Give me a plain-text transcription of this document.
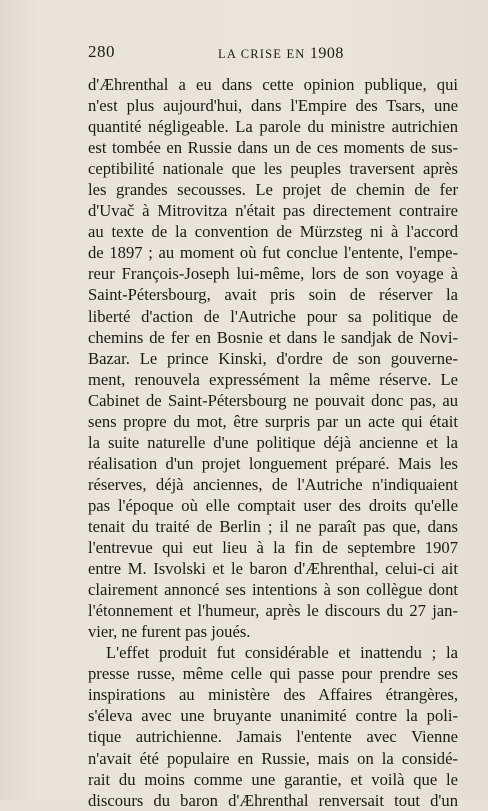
280	LA CRISE EN 1908
d'Æhrenthal a eu dans cette opinion publique, qui
n'est plus aujourd'hui, dans l'Empire des Tsars, une
quantité négligeable. La parole du ministre autrichien
est tombée en Russie dans un de ces moments de sus-
ceptibilité nationale que les peuples traversent après
les grandes secousses. Le projet de chemin de fer
d'Uvač à Mitrovitza n'était pas directement contraire
au texte de la convention de Mürzsteg ni à l'accord
de 1897 ; au moment où fut conclue l'entente, l'empe-
reur François-Joseph lui-même, lors de son voyage à
Saint-Pétersbourg, avait pris soin de réserver la
liberté d'action de l'Autriche pour sa politique de
chemins de fer en Bosnie et dans le sandjak de Novi-
Bazar. Le prince Kinski, d'ordre de son gouverne-
ment, renouvela expressément la même réserve. Le
Cabinet de Saint-Pétersbourg ne pouvait donc pas, au
sens propre du mot, être surpris par un acte qui était
la suite naturelle d'une politique déjà ancienne et la
réalisation d'un projet longuement préparé. Mais les
réserves, déjà anciennes, de l'Autriche n'indiquaient
pas l'époque où elle comptait user des droits qu'elle
tenait du traité de Berlin ; il ne paraît pas que, dans
l'entrevue qui eut lieu à la fin de septembre 1907
entre M. Isvolski et le baron d'Æhrenthal, celui-ci ait
clairement annoncé ses intentions à son collègue dont
l'étonnement et l'humeur, après le discours du 27 jan-
vier, ne furent pas joués.
L'effet produit fut considérable et inattendu ; la
presse russe, même celle qui passe pour prendre ses
inspirations au ministère des Affaires étrangères,
s'éleva avec une bruyante unanimité contre la poli-
tique autrichienne. Jamais l'entente avec Vienne
n'avait été populaire en Russie, mais on la considé-
rait du moins comme une garantie, et voilà que le
discours du baron d'Æhrenthal renversait tout d'un
